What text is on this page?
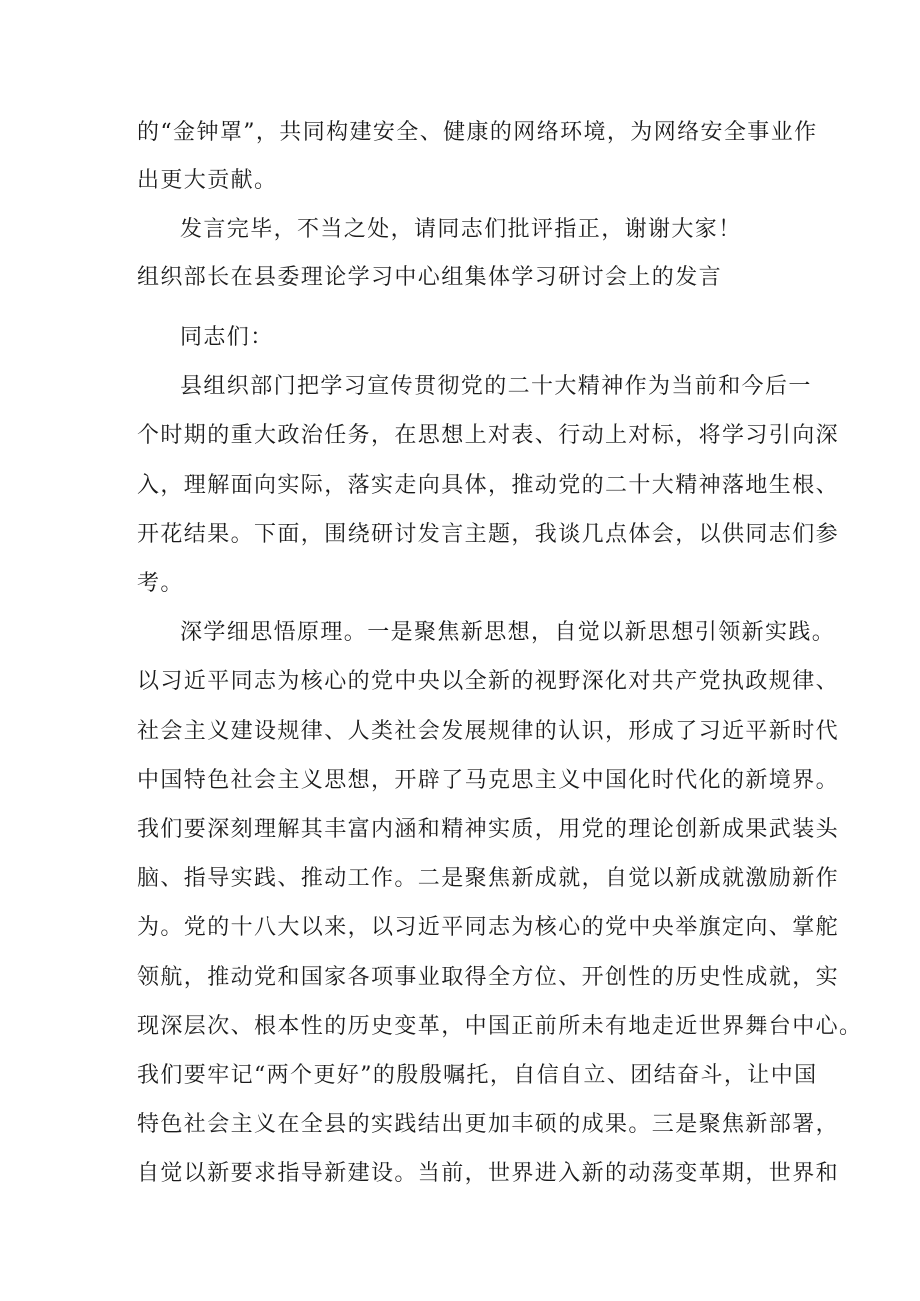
的“金钟罩”，共同构建安全、健康的网络环境，为网络安全事业作
出更大贡献。
发言完毕，不当之处，请同志们批评指正，谢谢大家！
组织部长在县委理论学习中心组集体学习研讨会上的发言
同志们：
县组织部门把学习宣传贯彻党的二十大精神作为当前和今后一
个时期的重大政治任务，在思想上对表、行动上对标，将学习引向深
入，理解面向实际，落实走向具体，推动党的二十大精神落地生根、
开花结果。下面，围绕研讨发言主题，我谈几点体会，以供同志们参
考。
深学细思悟原理。一是聚焦新思想，自觉以新思想引领新实践。
以习近平同志为核心的党中央以全新的视野深化对共产党执政规律、
社会主义建设规律、人类社会发展规律的认识，形成了习近平新时代
中国特色社会主义思想，开辟了马克思主义中国化时代化的新境界。
我们要深刻理解其丰富内涵和精神实质，用党的理论创新成果武装头
脑、指导实践、推动工作。二是聚焦新成就，自觉以新成就激励新作
为。党的十八大以来，以习近平同志为核心的党中央举旗定向、掌舵
领航，推动党和国家各项事业取得全方位、开创性的历史性成就，实
现深层次、根本性的历史变革，中国正前所未有地走近世界舞台中心。
我们要牢记“两个更好”的殷殷嘱托，自信自立、团结奋斗，让中国
特色社会主义在全县的实践结出更加丰硕的成果。三是聚焦新部署，
自觉以新要求指导新建设。当前，世界进入新的动荡变革期，世界和
